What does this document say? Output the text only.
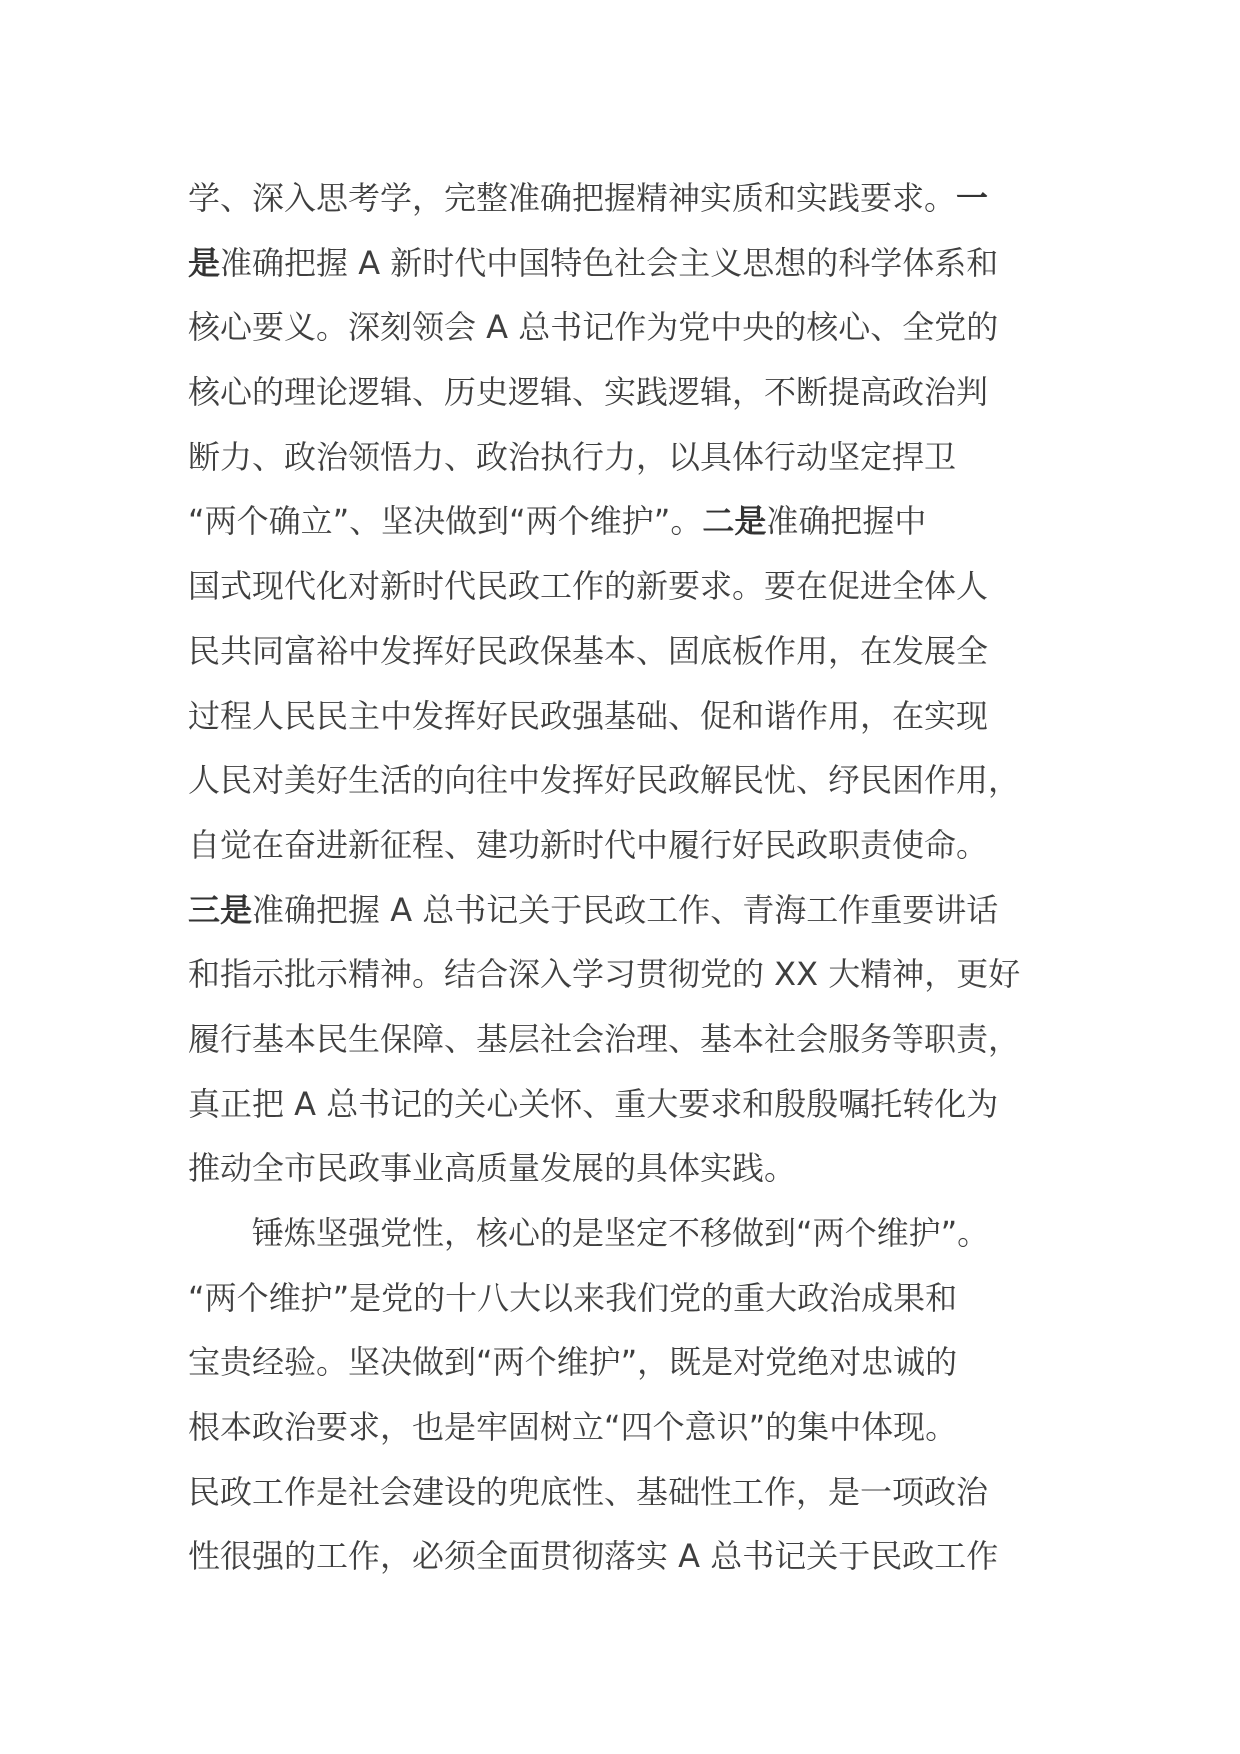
学、深入思考学，完整准确把握精神实质和实践要求。一
是准确把握 A 新时代中国特色社会主义思想的科学体系和
核心要义。深刻领会 A 总书记作为党中央的核心、全党的
核心的理论逻辑、历史逻辑、实践逻辑，不断提高政治判
断力、政治领悟力、政治执行力，以具体行动坚定捍卫
“两个确立”、坚决做到“两个维护”。二是准确把握中
国式现代化对新时代民政工作的新要求。要在促进全体人
民共同富裕中发挥好民政保基本、固底板作用，在发展全
过程人民民主中发挥好民政强基础、促和谐作用，在实现
人民对美好生活的向往中发挥好民政解民忧、纾民困作用，
自觉在奋进新征程、建功新时代中履行好民政职责使命。
三是准确把握 A 总书记关于民政工作、青海工作重要讲话
和指示批示精神。结合深入学习贯彻党的 XX 大精神，更好
履行基本民生保障、基层社会治理、基本社会服务等职责，
真正把 A 总书记的关心关怀、重大要求和殷殷嘱托转化为
推动全市民政事业高质量发展的具体实践。
锤炼坚强党性，核心的是坚定不移做到“两个维护”。
“两个维护”是党的十八大以来我们党的重大政治成果和
宝贵经验。坚决做到“两个维护”，既是对党绝对忠诚的
根本政治要求，也是牢固树立“四个意识”的集中体现。
民政工作是社会建设的兜底性、基础性工作，是一项政治
性很强的工作，必须全面贯彻落实 A 总书记关于民政工作
